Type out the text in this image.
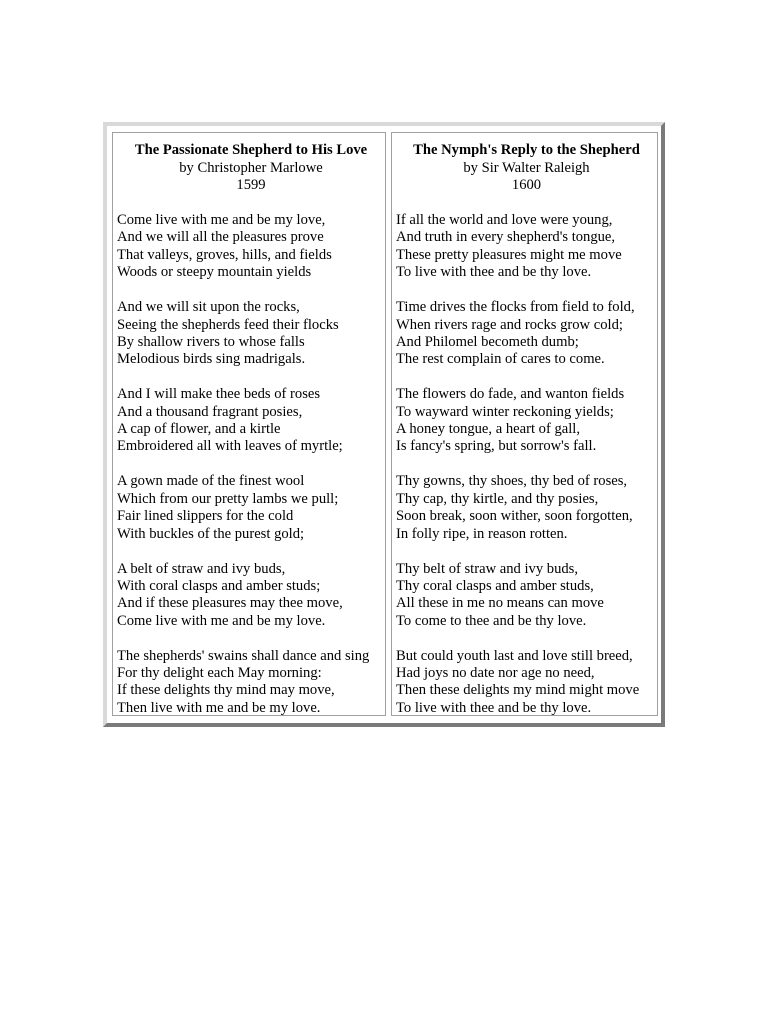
The Passionate Shepherd to His Love
by Christopher Marlowe
1599
Come live with me and be my love,
And we will all the pleasures prove
That valleys, groves, hills, and fields
Woods or steepy mountain yields
And we will sit upon the rocks,
Seeing the shepherds feed their flocks
By shallow rivers to whose falls
Melodious birds sing madrigals.
And I will make thee beds of roses
And a thousand fragrant posies,
A cap of flower, and a kirtle
Embroidered all with leaves of myrtle;
A gown made of the finest wool
Which from our pretty lambs we pull;
Fair lined slippers for the cold
With buckles of the purest gold;
A belt of straw and ivy buds,
With coral clasps and amber studs;
And if these pleasures may thee move,
Come live with me and be my love.
The shepherds' swains shall dance and sing
For thy delight each May morning:
If these delights thy mind may move,
Then live with me and be my love.
The Nymph's Reply to the Shepherd
by Sir Walter Raleigh
1600
If all the world and love were young,
And truth in every shepherd's tongue,
These pretty pleasures might me move
To live with thee and be thy love.
Time drives the flocks from field to fold,
When rivers rage and rocks grow cold;
And Philomel becometh dumb;
The rest complain of cares to come.
The flowers do fade, and wanton fields
To wayward winter reckoning yields;
A honey tongue, a heart of gall,
Is fancy's spring, but sorrow's fall.
Thy gowns, thy shoes, thy bed of roses,
Thy cap, thy kirtle, and thy posies,
Soon break, soon wither, soon forgotten,
In folly ripe, in reason rotten.
Thy belt of straw and ivy buds,
Thy coral clasps and amber studs,
All these in me no means can move
To come to thee and be thy love.
But could youth last and love still breed,
Had joys no date nor age no need,
Then these delights my mind might move
To live with thee and be thy love.
